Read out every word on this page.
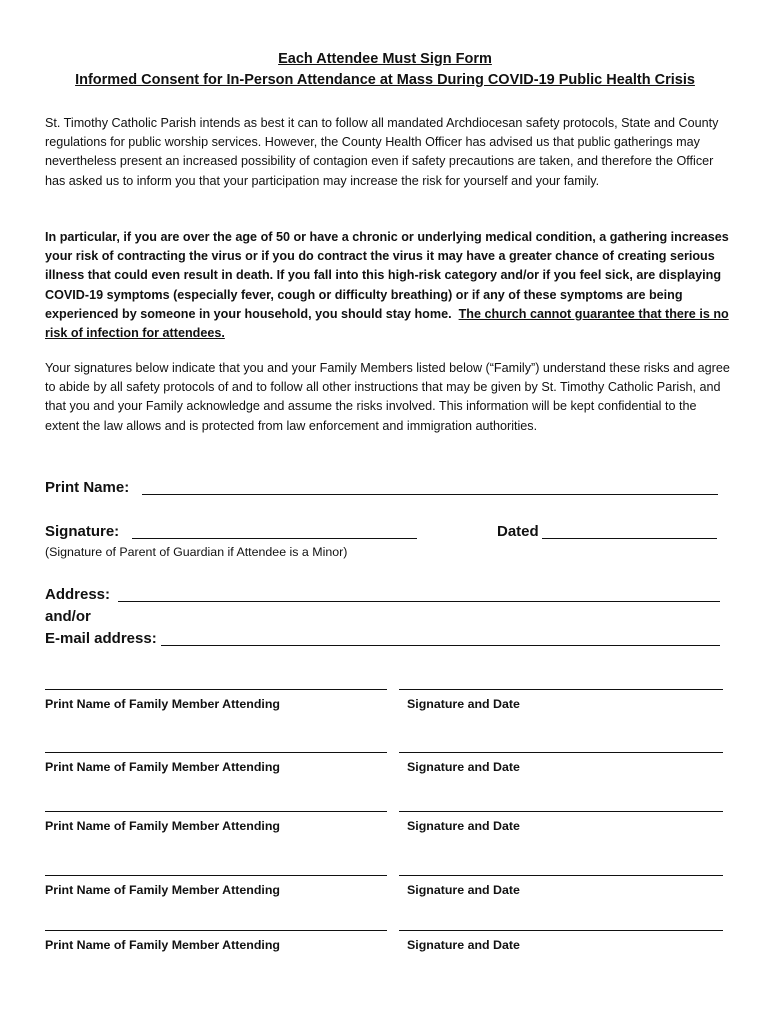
Each Attendee Must Sign Form
Informed Consent for In-Person Attendance at Mass During COVID-19 Public Health Crisis
St. Timothy Catholic Parish intends as best it can to follow all mandated Archdiocesan safety protocols, State and County regulations for public worship services. However, the County Health Officer has advised us that public gatherings may nevertheless present an increased possibility of contagion even if safety precautions are taken, and therefore the Officer has asked us to inform you that your participation may increase the risk for yourself and your family.
In particular, if you are over the age of 50 or have a chronic or underlying medical condition, a gathering increases your risk of contracting the virus or if you do contract the virus it may have a greater chance of creating serious illness that could even result in death. If you fall into this high-risk category and/or if you feel sick, are displaying COVID-19 symptoms (especially fever, cough or difficulty breathing) or if any of these symptoms are being experienced by someone in your household, you should stay home. The church cannot guarantee that there is no risk of infection for attendees.
Your signatures below indicate that you and your Family Members listed below (“Family”) understand these risks and agree to abide by all safety protocols of and to follow all other instructions that may be given by St. Timothy Catholic Parish, and that you and your Family acknowledge and assume the risks involved. This information will be kept confidential to the extent the law allows and is protected from law enforcement and immigration authorities.
Print Name:
Signature:	Dated
(Signature of Parent of Guardian if Attendee is a Minor)
Address:
and/or
E-mail address:
Print Name of Family Member Attending	Signature and Date
Print Name of Family Member Attending	Signature and Date
Print Name of Family Member Attending	Signature and Date
Print Name of Family Member Attending	Signature and Date
Print Name of Family Member Attending	Signature and Date
